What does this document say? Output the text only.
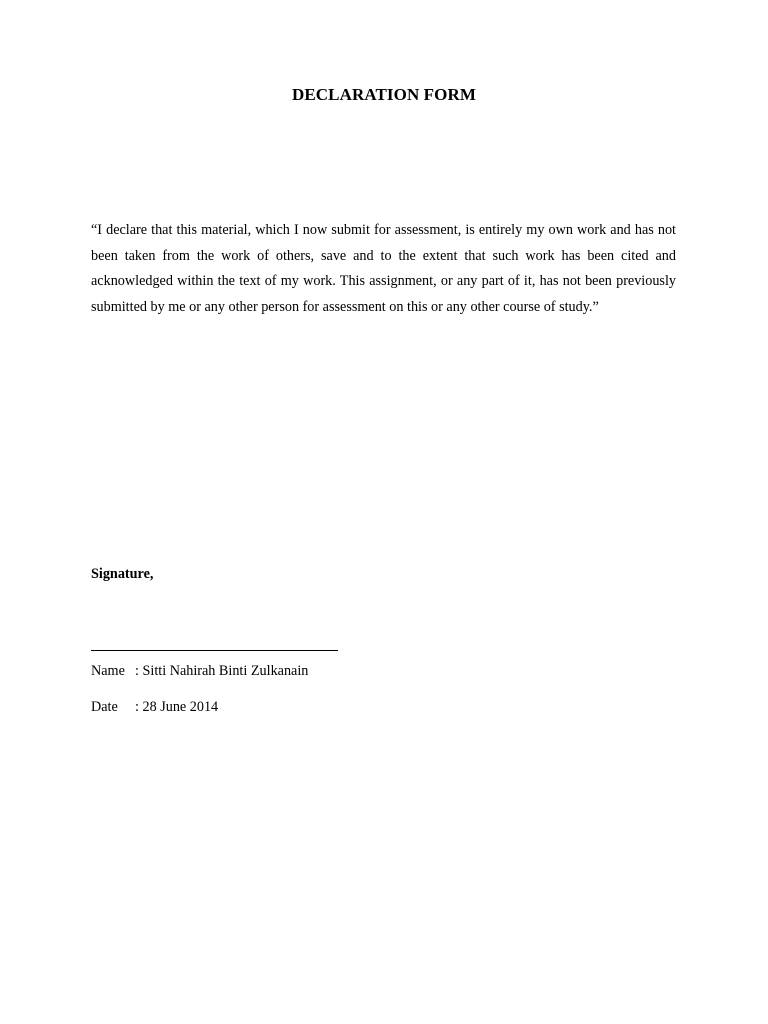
DECLARATION FORM

“I declare that this material, which I now submit for assessment, is entirely my own work and has not been taken from the work of others, save and to the extent that such work has been cited and acknowledged within the text of my work. This assignment, or any part of it, has not been previously submitted by me or any other person for assessment on this or any other course of study.”

Signature,
Name : Sitti Nahirah Binti Zulkanain
Date : 28 June 2014
